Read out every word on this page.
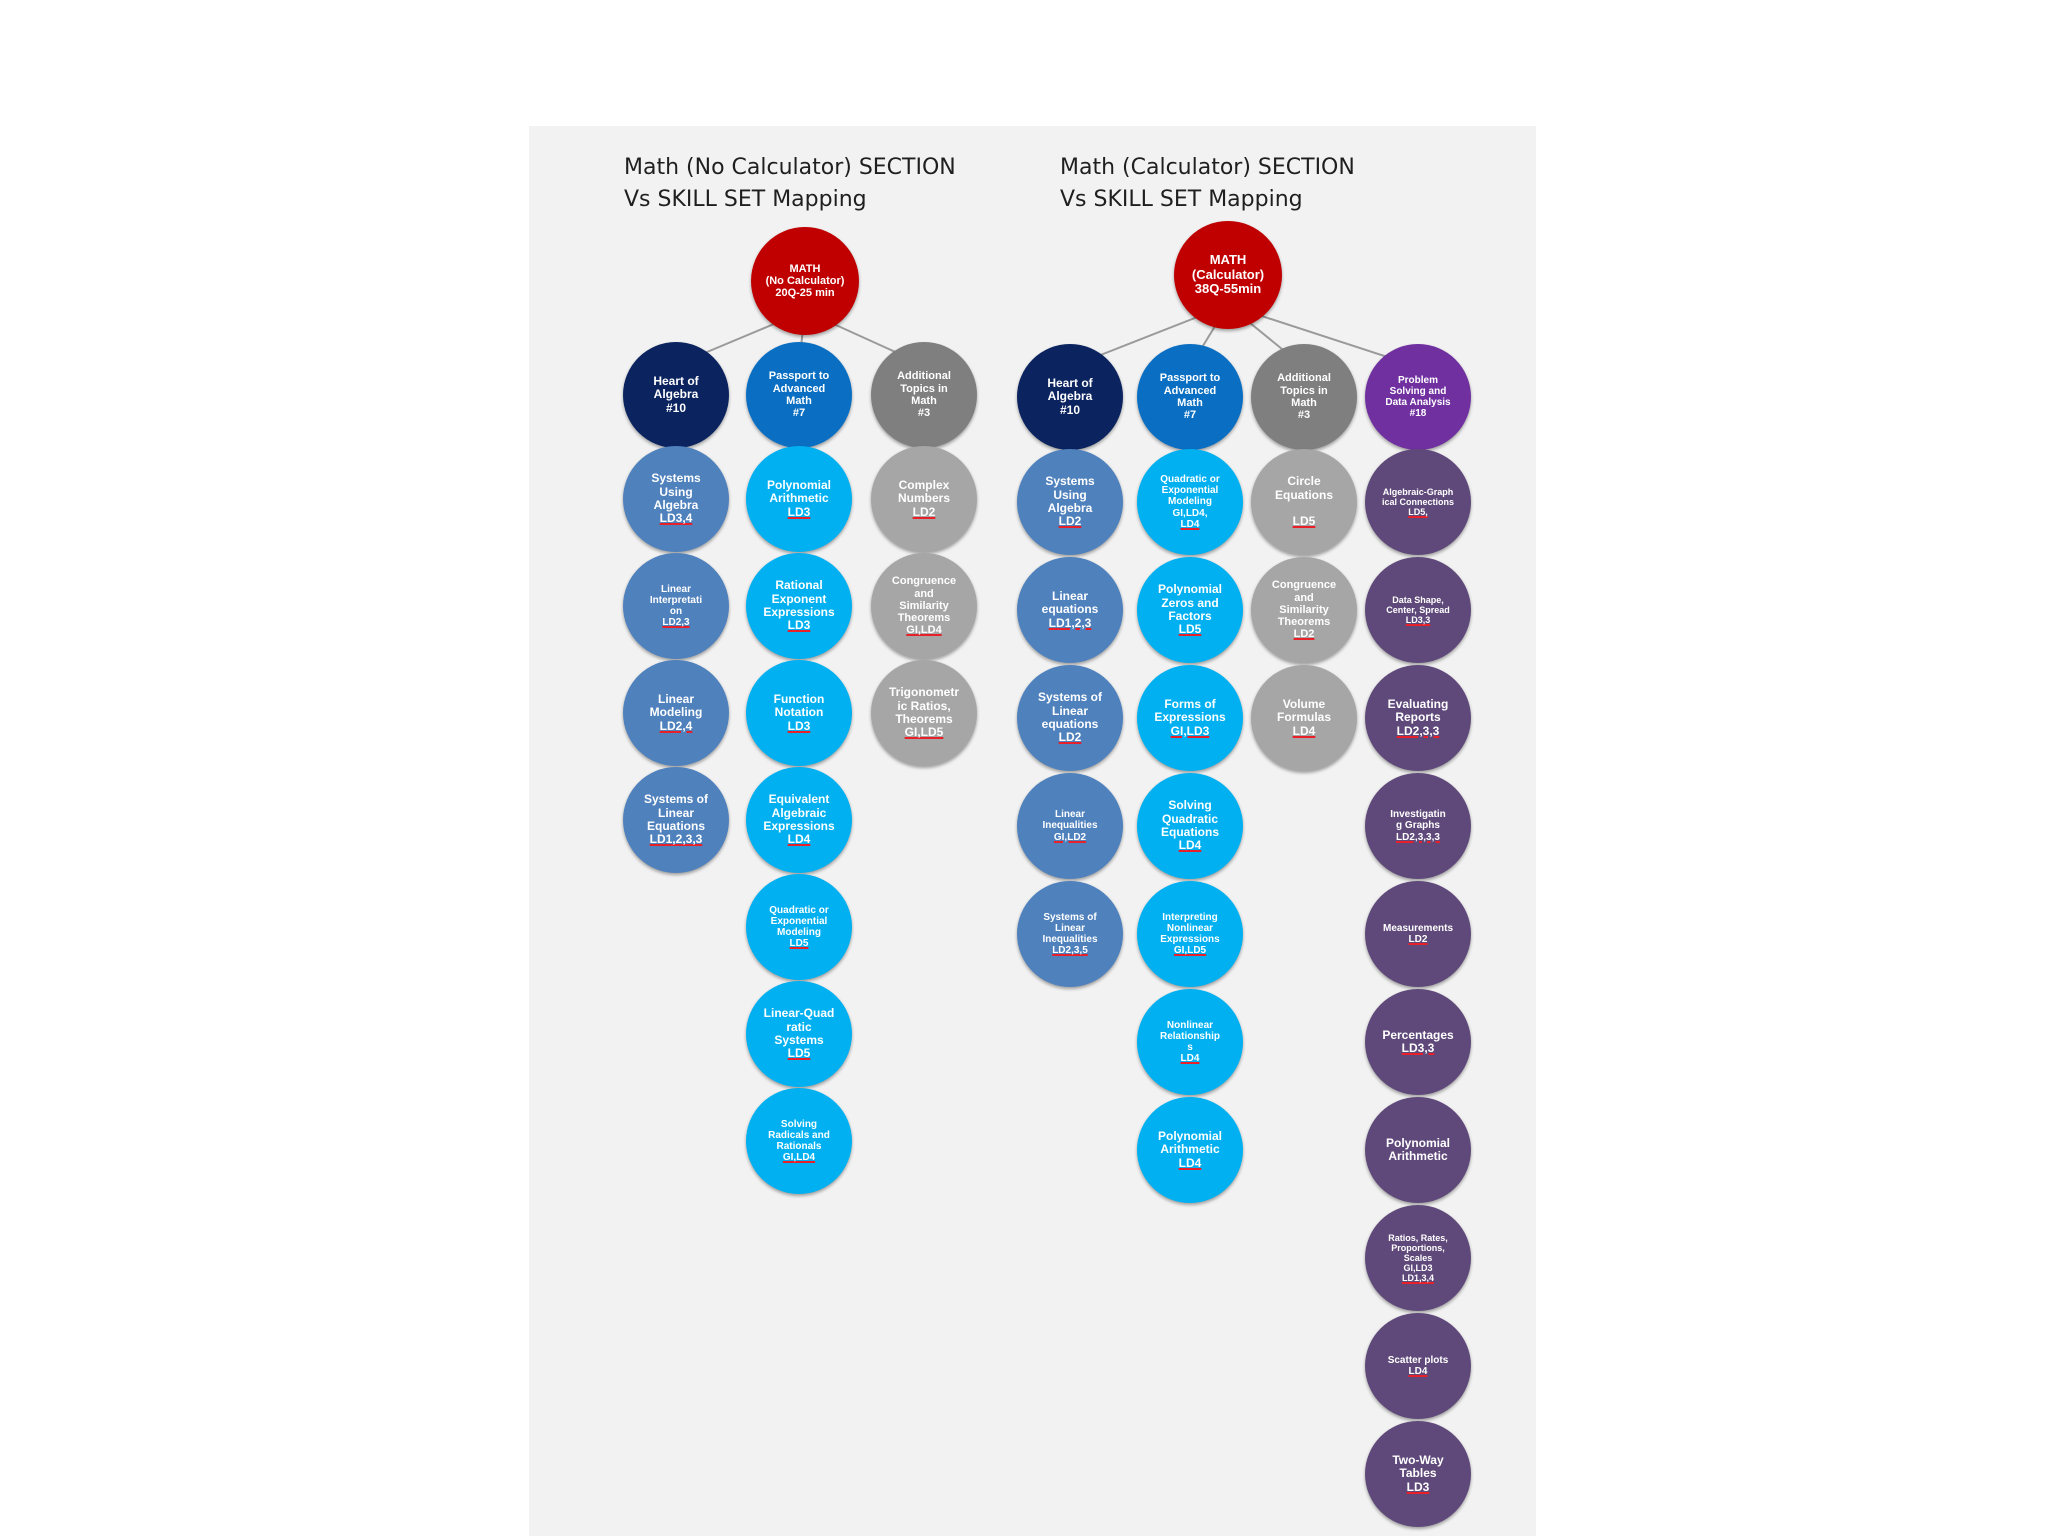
Math (No Calculator) SECTION
Vs SKILL SET Mapping
Math (Calculator) SECTION
Vs SKILL SET Mapping
MATH
(No Calculator)
20Q-25 min
Heart of
Algebra
#10
Systems
Using
Algebra
LD3,4
Linear
Interpretati
on
LD2,3
Linear
Modeling
LD2,4
Systems of
Linear
Equations
LD1,2,3,3
Passport to
Advanced
Math
#7
Polynomial
Arithmetic
LD3
Rational
Exponent
Expressions
LD3
Function
Notation
LD3
Equivalent
Algebraic
Expressions
LD4
Quadratic or
Exponential
Modeling
LD5
Linear-Quad
ratic
Systems
LD5
Solving
Radicals and
Rationals
GI,LD4
Additional
Topics in
Math
#3
Complex
Numbers
LD2
Congruence
and
Similarity
Theorems
GI,LD4
Trigonometr
ic Ratios,
Theorems
GI,LD5
MATH
(Calculator)
38Q-55min
Heart of
Algebra
#10
Systems
Using
Algebra
LD2
Linear
equations
LD1,2,3
Systems of
Linear
equations
LD2
Linear
Inequalities
GI,LD2
Systems of
Linear
Inequalities
LD2,3,5
Passport to
Advanced
Math
#7
Quadratic or
Exponential
Modeling
GI,LD4,
LD4
Polynomial
Zeros and
Factors
LD5
Forms of
Expressions
GI,LD3
Solving
Quadratic
Equations
LD4
Interpreting
Nonlinear
Expressions
GI,LD5
Nonlinear
Relationship
s
LD4
Polynomial
Arithmetic
LD4
Additional
Topics in
Math
#3
Circle
Equations

LD5
Congruence
and
Similarity
Theorems
LD2
Volume
Formulas
LD4
Problem
Solving and
Data Analysis
#18
Algebraic-Graph
ical Connections
LD5,
Data Shape,
Center, Spread
LD3,3
Evaluating
Reports
LD2,3,3
Investigatin
g Graphs
LD2,3,3,3
Measurements
LD2
Percentages
LD3,3
Polynomial
Arithmetic
Ratios, Rates,
Proportions,
Scales
GI,LD3
LD1,3,4
Scatter plots
LD4
Two-Way
Tables
LD3
